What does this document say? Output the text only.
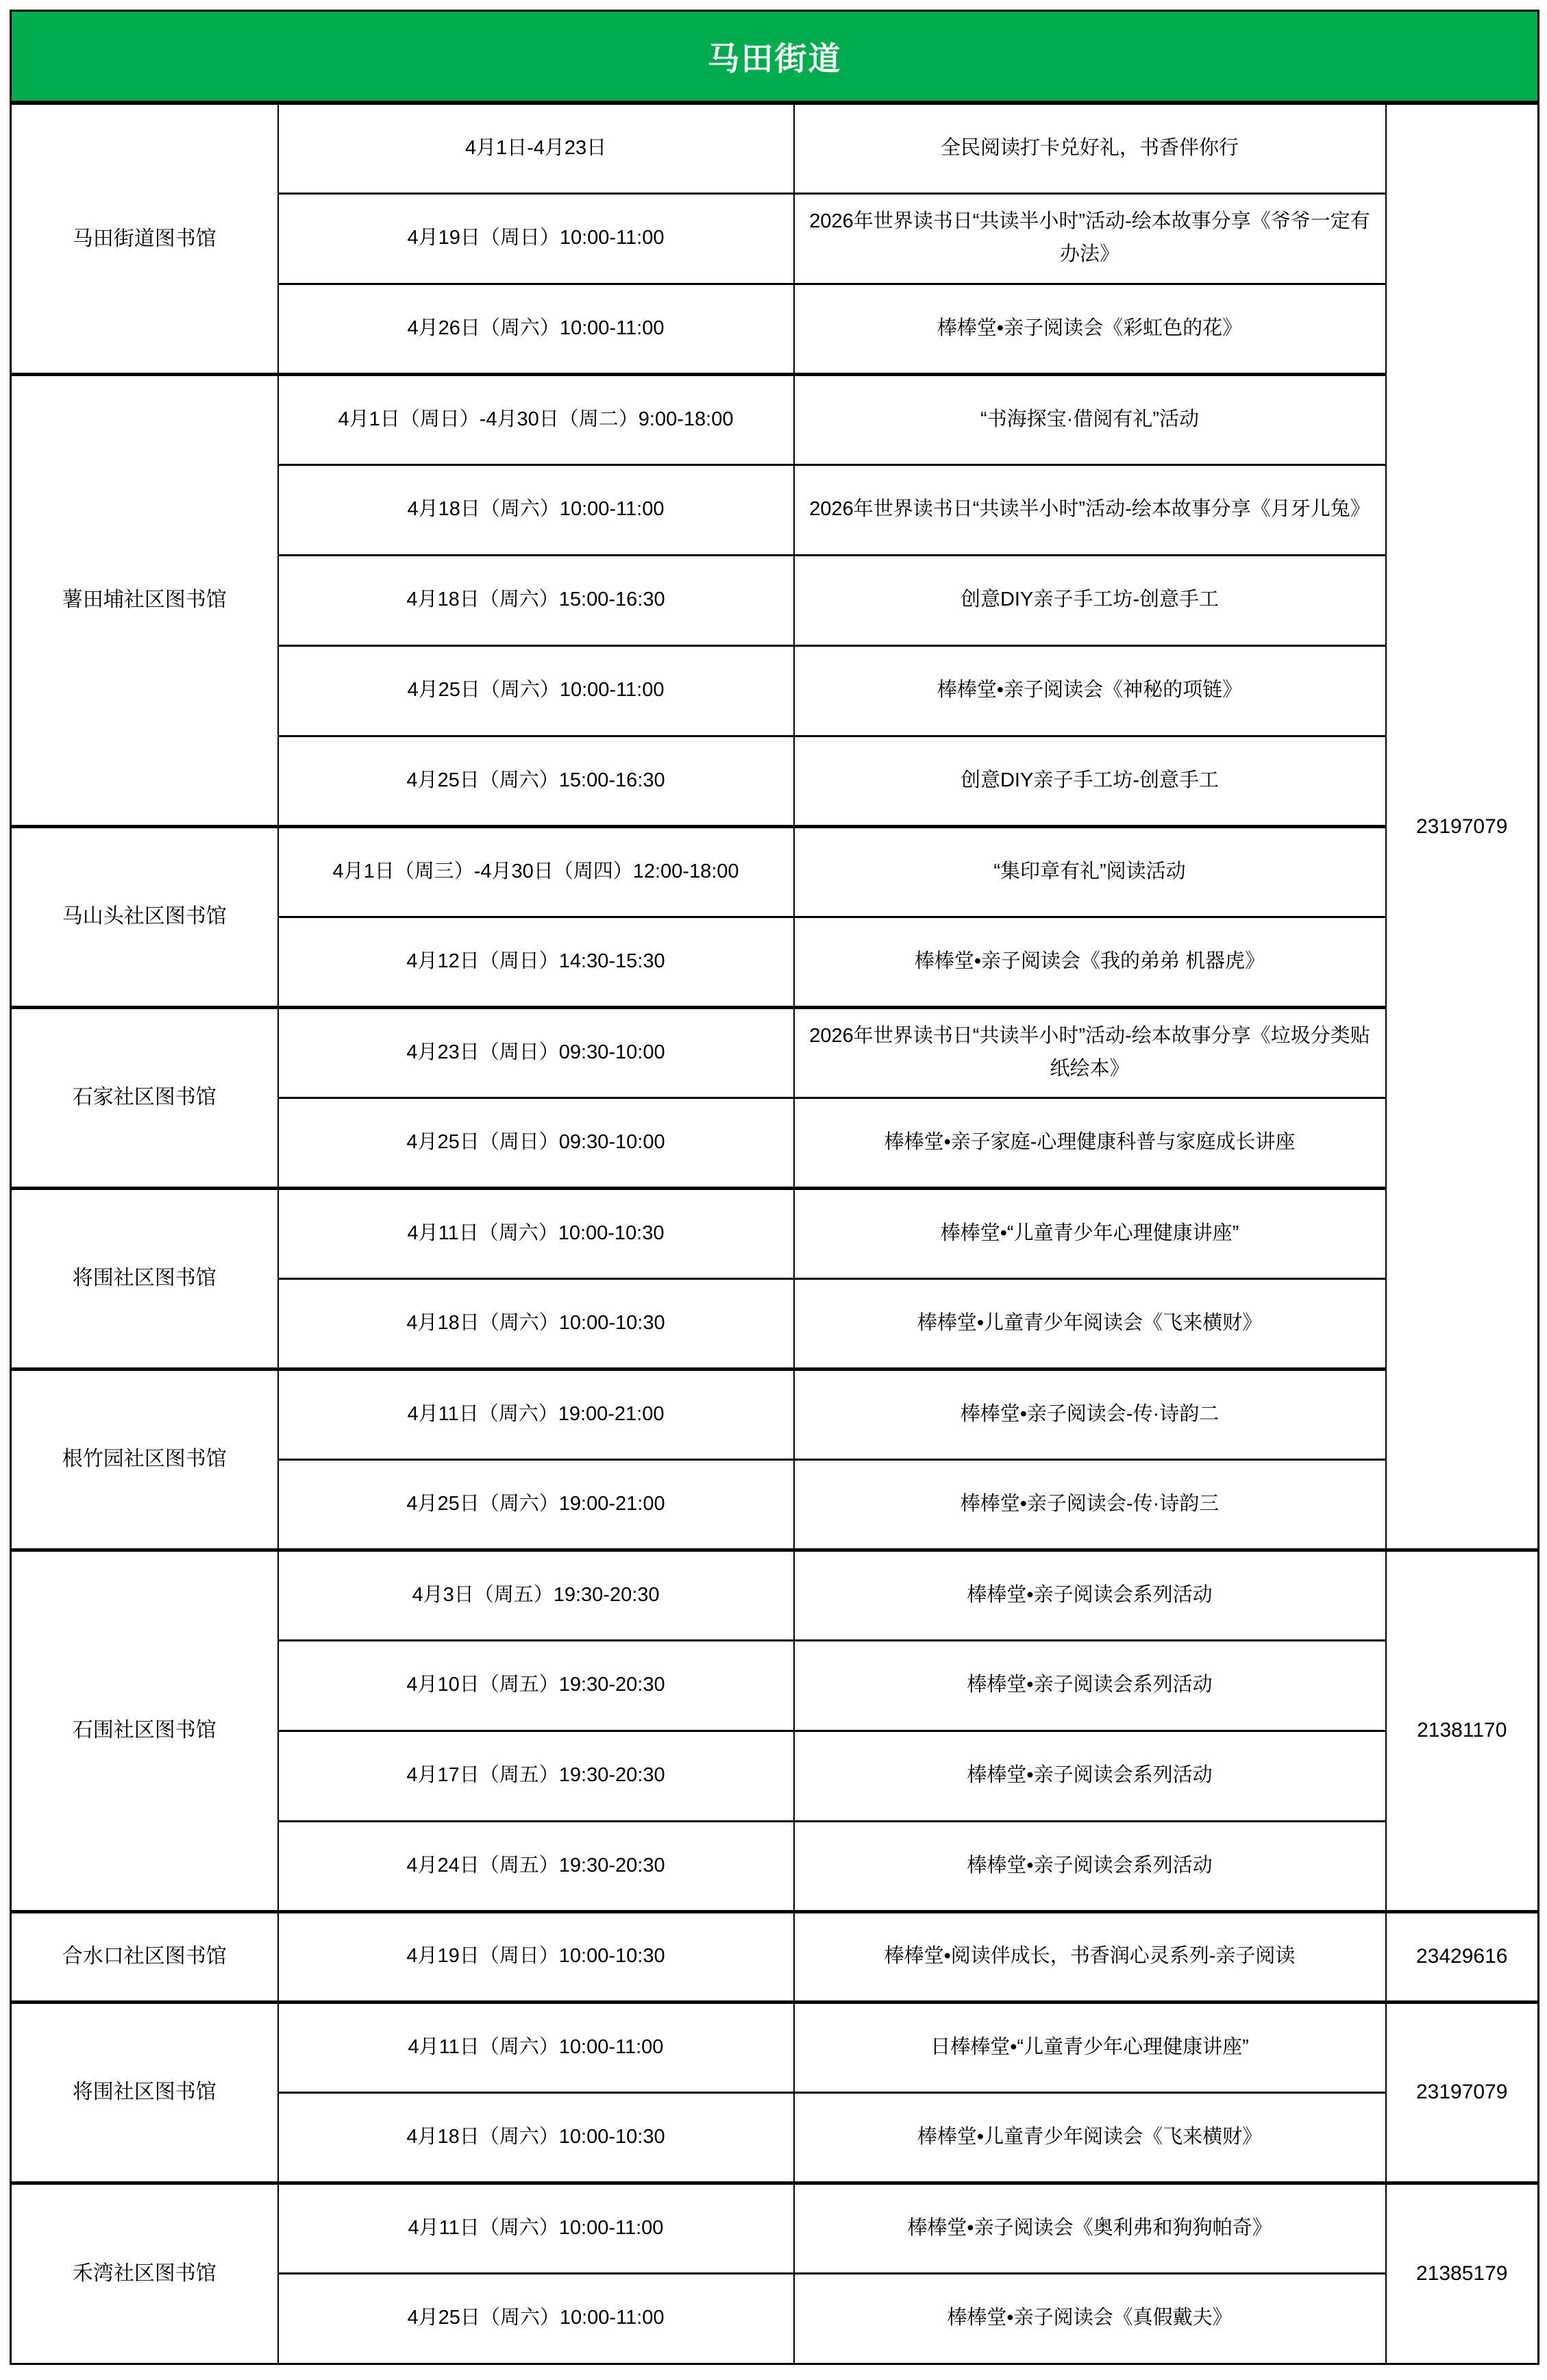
马田街道			
马田街道图书馆	4月1日-4月23日	全民阅读打卡兑好礼，书香伴你行	23197079
	4月19日（周日）10:00-11:00	2026年世界读书日“共读半小时”活动-绘本故事分享《爷爷一定有办法》	
	4月26日（周六）10:00-11:00	棒棒堂•亲子阅读会《彩虹色的花》	
薯田埔社区图书馆	4月1日（周日）-4月30日（周二）9:00-18:00	“书海探宝·借阅有礼”活动	
	4月18日（周六）10:00-11:00	2026年世界读书日“共读半小时”活动-绘本故事分享《月牙儿兔》	
	4月18日（周六）15:00-16:30	创意DIY亲子手工坊-创意手工	
	4月25日（周六）10:00-11:00	棒棒堂•亲子阅读会《神秘的项链》	
	4月25日（周六）15:00-16:30	创意DIY亲子手工坊-创意手工	
马山头社区图书馆	4月1日（周三）-4月30日（周四）12:00-18:00	“集印章有礼”阅读活动	
	4月12日（周日）14:30-15:30	棒棒堂•亲子阅读会《我的弟弟 机器虎》	
石家社区图书馆	4月23日（周日）09:30-10:00	2026年世界读书日“共读半小时”活动-绘本故事分享《垃圾分类贴纸绘本》	
	4月25日（周日）09:30-10:00	棒棒堂•亲子家庭-心理健康科普与家庭成长讲座	
将围社区图书馆	4月11日（周六）10:00-10:30	棒棒堂•“儿童青少年心理健康讲座”	
	4月18日（周六）10:00-10:30	棒棒堂•儿童青少年阅读会《飞来横财》	
根竹园社区图书馆	4月11日（周六）19:00-21:00	棒棒堂•亲子阅读会-传·诗韵二	
	4月25日（周六）19:00-21:00	棒棒堂•亲子阅读会-传·诗韵三	
石围社区图书馆	4月3日（周五）19:30-20:30	棒棒堂•亲子阅读会系列活动	21381170
	4月10日（周五）19:30-20:30	棒棒堂•亲子阅读会系列活动	
	4月17日（周五）19:30-20:30	棒棒堂•亲子阅读会系列活动	
	4月24日（周五）19:30-20:30	棒棒堂•亲子阅读会系列活动	
合水口社区图书馆	4月19日（周日）10:00-10:30	棒棒堂•阅读伴成长，书香润心灵系列-亲子阅读	23429616
将围社区图书馆	4月11日（周六）10:00-11:00	日棒棒堂•“儿童青少年心理健康讲座”	23197079
	4月18日（周六）10:00-10:30	棒棒堂•儿童青少年阅读会《飞来横财》	
禾湾社区图书馆	4月11日（周六）10:00-11:00	棒棒堂•亲子阅读会《奥利弗和狗狗帕奇》	21385179
	4月25日（周六）10:00-11:00	棒棒堂•亲子阅读会《真假戴夫》	
